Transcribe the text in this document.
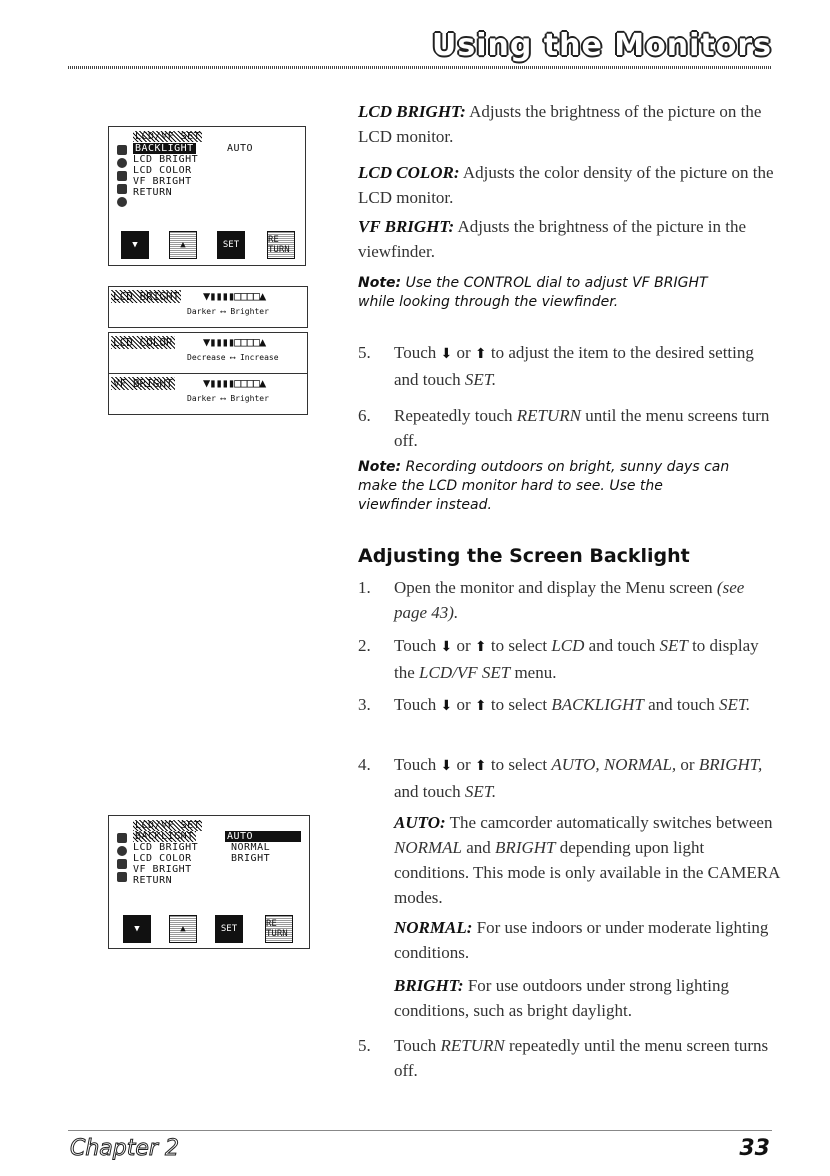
Using the Monitors
LCD/VF SET
BACKLIGHT	AUTO
LCD BRIGHT
LCD COLOR
VF BRIGHT
RETURN
▼	▲	SET	RE TURN
LCD BRIGHT ▼▮▮▮▮□□□□▲
Darker ⟷ Brighter
LCD COLOR	▼▮▮▮▮□□□□▲
Decrease ⟷ Increase
VF BRIGHT	▼▮▮▮▮□□□□▲
Darker ⟷ Brighter
LCD/VF SET
BACKLIGHT
LCD BRIGHT
LCD COLOR
VF BRIGHT
RETURN
AUTO
NORMAL
BRIGHT
▼	▲	SET	RE TURN

LCD BRIGHT: Adjusts the brightness of the picture on the LCD monitor.

LCD COLOR: Adjusts the color density of the picture on the LCD monitor.

VF BRIGHT: Adjusts the brightness of the picture in the viewfinder.

Note: Use the CONTROL dial to adjust VF BRIGHT while looking through the viewfinder.
5.	Touch ⬇ or ⬆ to adjust the item to the desired setting and touch SET.
6.	Repeatedly touch RETURN until the menu screens turn off.
Note: Recording outdoors on bright, sunny days can make the LCD monitor hard to see. Use the viewfinder instead.
Adjusting the Screen Backlight
1.	Open the monitor and display the Menu screen (see page 43).
2.	Touch ⬇ or ⬆ to select LCD and touch SET to display the LCD/VF SET menu.
3.	Touch ⬇ or ⬆ to select BACKLIGHT and touch SET.
4.	Touch ⬇ or ⬆ to select AUTO, NORMAL, or BRIGHT, and touch SET.

AUTO: The camcorder automatically switches between NORMAL and BRIGHT depending upon light conditions. This mode is only available in the CAMERA modes.

NORMAL: For use indoors or under moderate lighting conditions.

BRIGHT: For use outdoors under strong lighting conditions, such as bright daylight.

5.	Touch RETURN repeatedly until the menu screen turns off.
Chapter 2	33
